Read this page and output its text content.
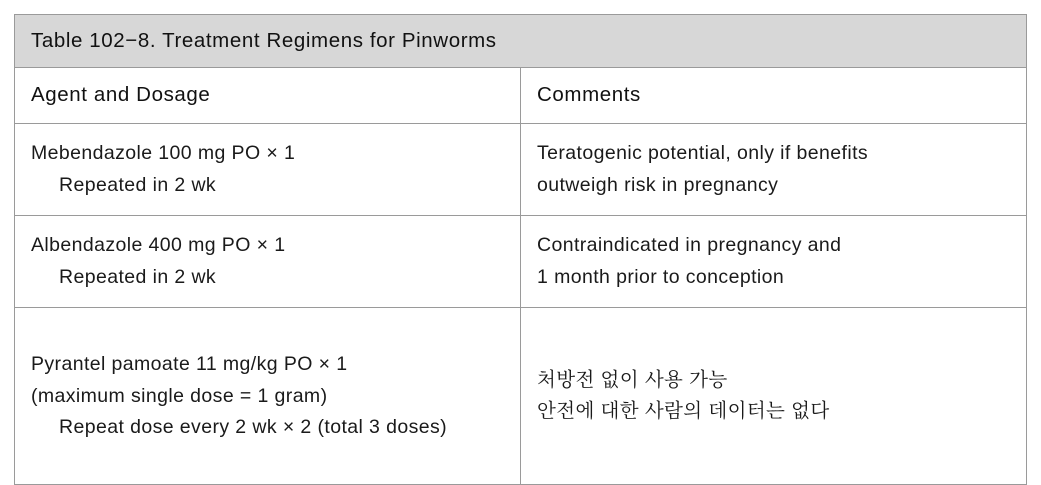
Table 102−8. Treatment Regimens for Pinworms	
Agent and Dosage	Comments

Mebendazole 100 mg PO × 1
Repeated in 2 wk	Teratogenic potential, only if benefits
outweigh risk in pregnancy

Albendazole 400 mg PO × 1
Repeated in 2 wk	Contraindicated in pregnancy and
1 month prior to conception

Pyrantel pamoate 11 mg/kg PO × 1
(maximum single dose = 1 gram)
Repeat dose every 2 wk × 2 (total 3 doses)	처방전 없이 사용 가능
안전에 대한 사람의 데이터는 없다
